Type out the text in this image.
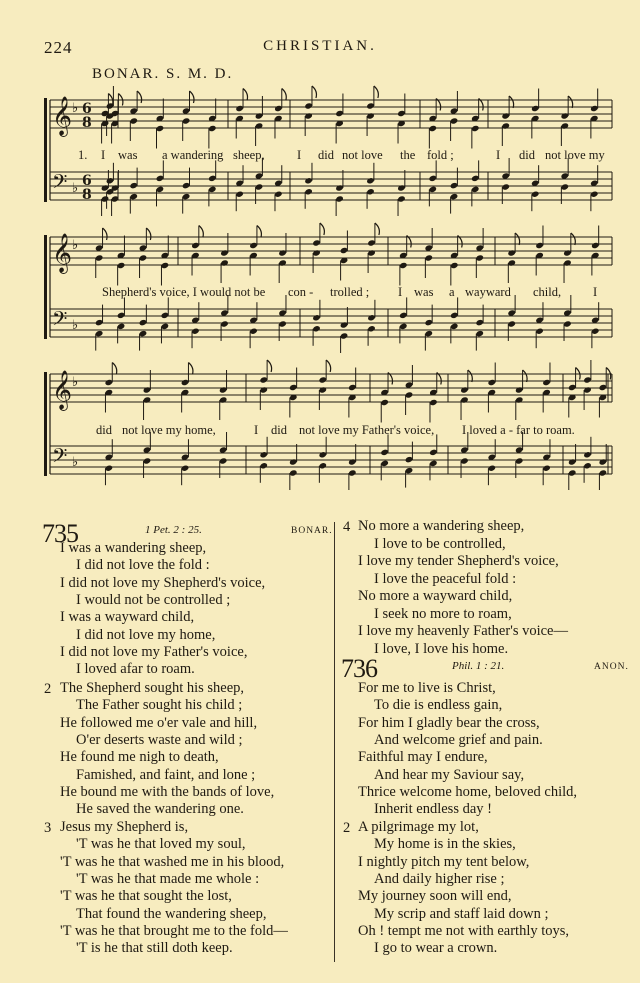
224	CHRISTIAN.
BONAR. S. M. D.
𝄞
𝄢
♭
♭
6
8
6
8
𝄞
𝄢
♭
♭
𝄞
𝄢
♭
♭
1. I was a wandering sheep,	I did not love the fold ;	I did not love my
Shepherd's voice, I would not be con - trolled ; I was a wayward child,	I
did not love my home,	I did not love my Father's voice, I loved a - far to roam.
735	1 Pet. 2 : 25.	BONAR.
I was a wandering sheep,
I did not love the fold :
I did not love my Shepherd's voice,
I would not be controlled ;
I was a wayward child,
I did not love my home,
I did not love my Father's voice,
I loved afar to roam.
2 The Shepherd sought his sheep,
The Father sought his child ;
He followed me o'er vale and hill,
O'er deserts waste and wild ;
He found me nigh to death,
Famished, and faint, and lone ;
He bound me with the bands of love,
He saved the wandering one.
3 Jesus my Shepherd is,
'T was he that loved my soul,
'T was he that washed me in his blood,
'T was he that made me whole :
'T was he that sought the lost,
That found the wandering sheep,
'T was he that brought me to the fold—
'T is he that still doth keep.
4 No more a wandering sheep,
I love to be controlled,
I love my tender Shepherd's voice,
I love the peaceful fold :
No more a wayward child,
I seek no more to roam,
I love my heavenly Father's voice—
I love, I love his home.
736	Phil. 1 : 21.	ANON.
For me to live is Christ,
To die is endless gain,
For him I gladly bear the cross,
And welcome grief and pain.
Faithful may I endure,
And hear my Saviour say,
Thrice welcome home, beloved child,
Inherit endless day !
2 A pilgrimage my lot,
My home is in the skies,
I nightly pitch my tent below,
And daily higher rise ;
My journey soon will end,
My scrip and staff laid down ;
Oh ! tempt me not with earthly toys,
I go to wear a crown.
